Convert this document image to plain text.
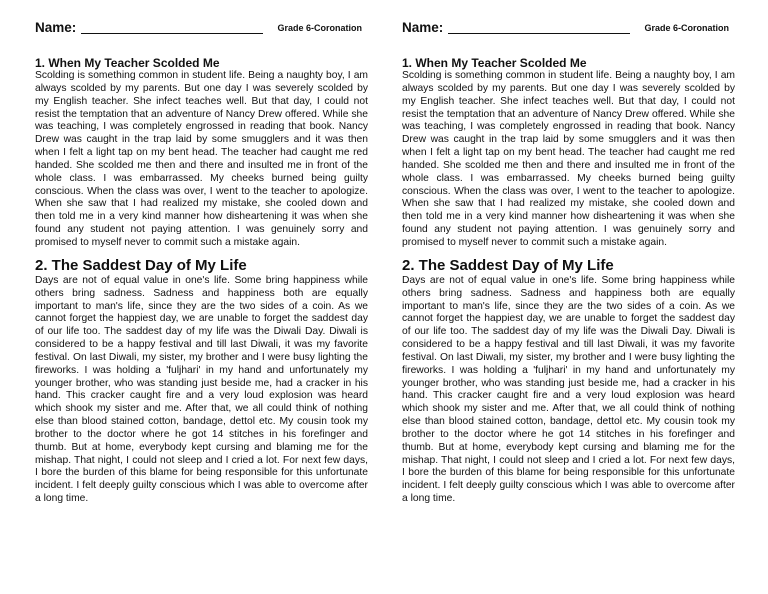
Name:	Grade 6-Coronation
1. When My Teacher Scolded Me

Scolding is something common in student life. Being a naughty boy, I am always scolded by my parents. But one day I was severely scolded by my English teacher. She infect teaches well. But that day, I could not resist the temptation that an adventure of Nancy Drew offered. While she was teaching, I was completely engrossed in reading that book. Nancy Drew was caught in the trap laid by some smugglers and it was then when I felt a light tap on my bent head. The teacher had caught me red handed. She scolded me then and there and insulted me in front of the whole class. I was embarrassed. My cheeks burned being guilty conscious. When the class was over, I went to the teacher to apologize. When she saw that I had realized my mistake, she cooled down and then told me in a very kind manner how disheartening it was when she found any student not paying attention. I was genuinely sorry and promised to myself never to commit such a mistake again.

2. The Saddest Day of My Life

Days are not of equal value in one's life. Some bring happiness while others bring sadness. Sadness and happiness both are equally important to man's life, since they are the two sides of a coin. As we cannot forget the happiest day, we are unable to forget the saddest day of our life too. The saddest day of my life was the Diwali Day. Diwali is considered to be a happy festival and till last Diwali, it was my favorite festival. On last Diwali, my sister, my brother and I were busy lighting the fireworks. I was holding a 'fuljhari' in my hand and unfortunately my younger brother, who was standing just beside me, had a cracker in his hand. This cracker caught fire and a very loud explosion was heard which shook my sister and me. After that, we all could think of nothing else than blood stained cotton, bandage, dettol etc. My cousin took my brother to the doctor where he got 14 stitches in his forefinger and thumb. But at home, everybody kept cursing and blaming me for the mishap. That night, I could not sleep and I cried a lot. For next few days, I bore the burden of this blame for being responsible for this unfortunate incident. I felt deeply guilty conscious which I was able to overcome after a long time.

Name:	Grade 6-Coronation
1. When My Teacher Scolded Me

Scolding is something common in student life. Being a naughty boy, I am always scolded by my parents. But one day I was severely scolded by my English teacher. She infect teaches well. But that day, I could not resist the temptation that an adventure of Nancy Drew offered. While she was teaching, I was completely engrossed in reading that book. Nancy Drew was caught in the trap laid by some smugglers and it was then when I felt a light tap on my bent head. The teacher had caught me red handed. She scolded me then and there and insulted me in front of the whole class. I was embarrassed. My cheeks burned being guilty conscious. When the class was over, I went to the teacher to apologize. When she saw that I had realized my mistake, she cooled down and then told me in a very kind manner how disheartening it was when she found any student not paying attention. I was genuinely sorry and promised to myself never to commit such a mistake again.

2. The Saddest Day of My Life

Days are not of equal value in one's life. Some bring happiness while others bring sadness. Sadness and happiness both are equally important to man's life, since they are the two sides of a coin. As we cannot forget the happiest day, we are unable to forget the saddest day of our life too. The saddest day of my life was the Diwali Day. Diwali is considered to be a happy festival and till last Diwali, it was my favorite festival. On last Diwali, my sister, my brother and I were busy lighting the fireworks. I was holding a 'fuljhari' in my hand and unfortunately my younger brother, who was standing just beside me, had a cracker in his hand. This cracker caught fire and a very loud explosion was heard which shook my sister and me. After that, we all could think of nothing else than blood stained cotton, bandage, dettol etc. My cousin took my brother to the doctor where he got 14 stitches in his forefinger and thumb. But at home, everybody kept cursing and blaming me for the mishap. That night, I could not sleep and I cried a lot. For next few days, I bore the burden of this blame for being responsible for this unfortunate incident. I felt deeply guilty conscious which I was able to overcome after a long time.
